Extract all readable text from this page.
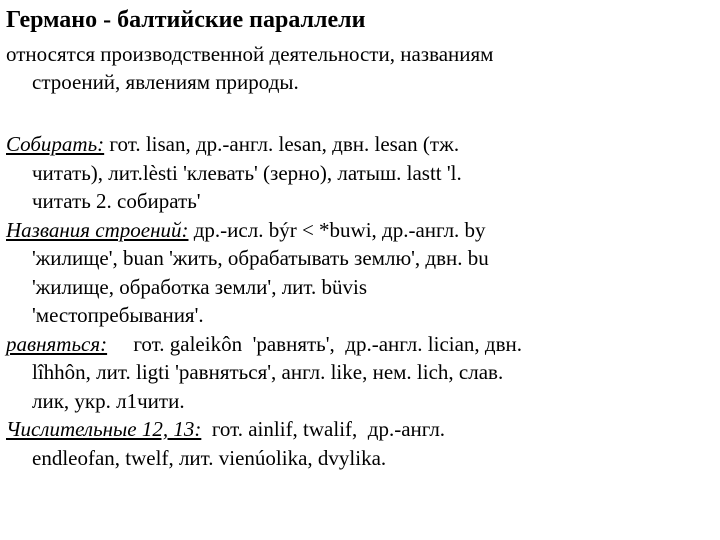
Германо - балтийские параллели
относятся производственной деятельности, названиям
строений, явлениям природы.
Собирать: гот. lisan, др.-англ. lesan, двн. lesan (тж.
читать), лит.lèsti 'клевать' (зерно), латыш. lastt 'l.
читать 2. собирать'
Названия строений: др.-исл. býr < *buwi, др.-англ. by
'жилище', buan 'жить, обрабатывать землю', двн. bu
'жилище, обработка земли', лит. büvis
'местопребывания'.
равняться:     гот. galeikôn  'равнять',  др.-англ. lician, двн.
lîhhôn, лит. ligti 'равняться', англ. like, нем. lich, слав.
лик, укр. л1чити.
Числительные 12, 13:  гот. ainlif, twalif,  др.-англ.
endleofan, twelf, лит. vienúolika, dvylika.
